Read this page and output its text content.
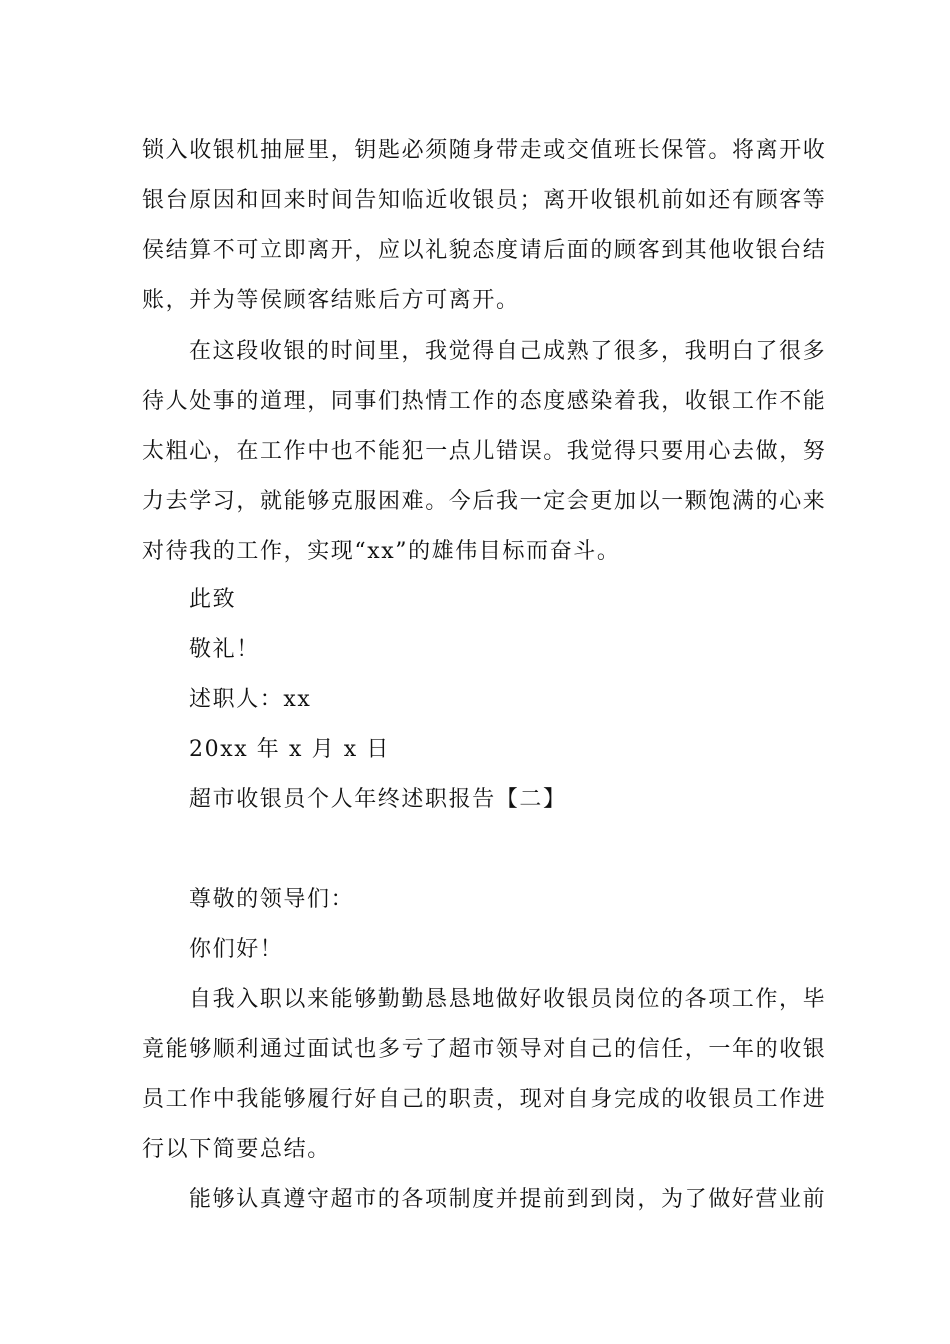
锁入收银机抽屉里，钥匙必须随身带走或交值班长保管。将离开收
银台原因和回来时间告知临近收银员；离开收银机前如还有顾客等
侯结算不可立即离开，应以礼貌态度请后面的顾客到其他收银台结
账，并为等侯顾客结账后方可离开。
在这段收银的时间里，我觉得自己成熟了很多，我明白了很多
待人处事的道理，同事们热情工作的态度感染着我，收银工作不能
太粗心，在工作中也不能犯一点儿错误。我觉得只要用心去做，努
力去学习，就能够克服困难。今后我一定会更加以一颗饱满的心来
对待我的工作，实现“xx”的雄伟目标而奋斗。
此致
敬礼！
述职人：xx
20xx 年 x 月 x 日
超市收银员个人年终述职报告【二】
尊敬的领导们：
你们好！
自我入职以来能够勤勤恳恳地做好收银员岗位的各项工作，毕
竟能够顺利通过面试也多亏了超市领导对自己的信任，一年的收银
员工作中我能够履行好自己的职责，现对自身完成的收银员工作进
行以下简要总结。
能够认真遵守超市的各项制度并提前到到岗，为了做好营业前
